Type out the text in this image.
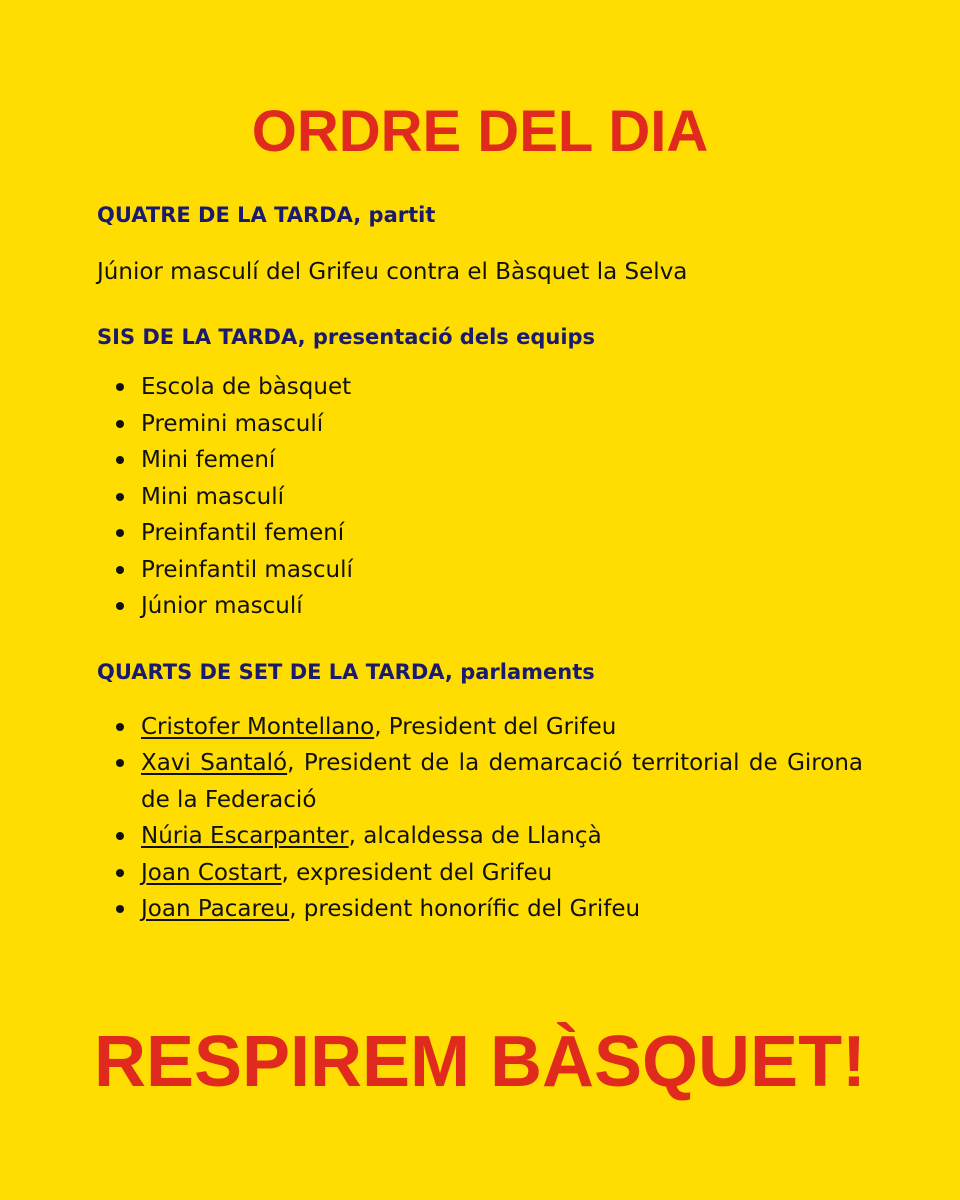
ORDRE DEL DIA

QUATRE DE LA TARDA, partit

Júnior masculí del Grifeu contra el Bàsquet la Selva

SIS DE LA TARDA, presentació dels equips

Escola de bàsquet
Premini masculí
Mini femení
Mini masculí
Preinfantil femení
Preinfantil masculí
Júnior masculí

QUARTS DE SET DE LA TARDA, parlaments

Cristofer Montellano, President del Grifeu
Xavi Santaló, President de la demarcació territorial de Girona de la Federació
Núria Escarpanter, alcaldessa de Llançà
Joan Costart, expresident del Grifeu
Joan Pacareu, president honorífic del Grifeu
RESPIREM BÀSQUET!
